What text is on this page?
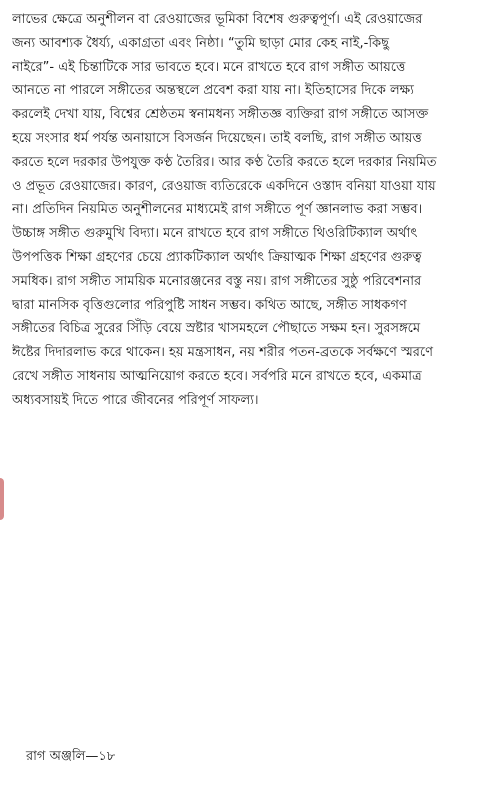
লাভের ক্ষেত্রে অনুশীলন বা রেওয়াজের ভূমিকা বিশেষ গুরুত্বপূর্ণ। এই রেওয়াজের
জন্য আবশ্যক ধৈর্য্য, একাগ্রতা এবং নিষ্ঠা। “তুমি ছাড়া মোর কেহ নাই,-কিছু
নাইরে”- এই চিন্তাটিকে সার ভাবতে হবে। মনে রাখতে হবে রাগ সঙ্গীত আয়ত্তে
আনতে না পারলে সঙ্গীতের অন্তস্থলে প্রবেশ করা যায় না। ইতিহাসের দিকে লক্ষ্য
করলেই দেখা যায়, বিশ্বের শ্রেষ্ঠতম স্বনামধন্য সঙ্গীতজ্ঞ ব্যক্তিরা রাগ সঙ্গীতে আসক্ত
হয়ে সংসার ধর্ম পর্যন্ত অনায়াসে বিসর্জন দিয়েছেন। তাই বলছি, রাগ সঙ্গীত আয়ত্ত
করতে হলে দরকার উপযুক্ত কণ্ঠ তৈরির। আর কণ্ঠ তৈরি করতে হলে দরকার নিয়মিত
ও প্রভূত রেওয়াজের। কারণ, রেওয়াজ ব্যতিরেকে একদিনে ওস্তাদ বনিয়া যাওয়া যায়
না। প্রতিদিন নিয়মিত অনুশীলনের মাধ্যমেই রাগ সঙ্গীতে পূর্ণ জ্ঞানলাভ করা সম্ভব।
উচ্চাঙ্গ সঙ্গীত গুরুমুখি বিদ্যা। মনে রাখতে হবে রাগ সঙ্গীতে থিওরিটিক্যাল অর্থাৎ
উপপত্তিক শিক্ষা গ্রহণের চেয়ে প্র্যাকটিক্যাল অর্থাৎ ক্রিয়াত্মক শিক্ষা গ্রহণের গুরুত্ব
সমধিক। রাগ সঙ্গীত সাময়িক মনোরঞ্জনের বস্তু নয়। রাগ সঙ্গীতের সুষ্ঠু পরিবেশনার
দ্বারা মানসিক বৃত্তিগুলোর পরিপুষ্টি সাধন সম্ভব। কথিত আছে, সঙ্গীত সাধকগণ
সঙ্গীতের বিচিত্র সুরের সিঁড়ি বেয়ে স্রষ্টার খাসমহলে পৌছাতে সক্ষম হন। সুরসঙ্গমে
ঈষ্টের দিদারলাভ করে থাকেন। হয় মন্ত্রসাধন, নয় শরীর পতন-ব্রতকে সর্বক্ষণে স্মরণে
রেখে সঙ্গীত সাধনায় আত্মনিয়োগ করতে হবে। সর্বপরি মনে রাখতে হবে, একমাত্র
অধ্যবসায়ই দিতে পারে জীবনের পরিপূর্ণ সাফল্য।
রাগ অঞ্জলি—১৮
